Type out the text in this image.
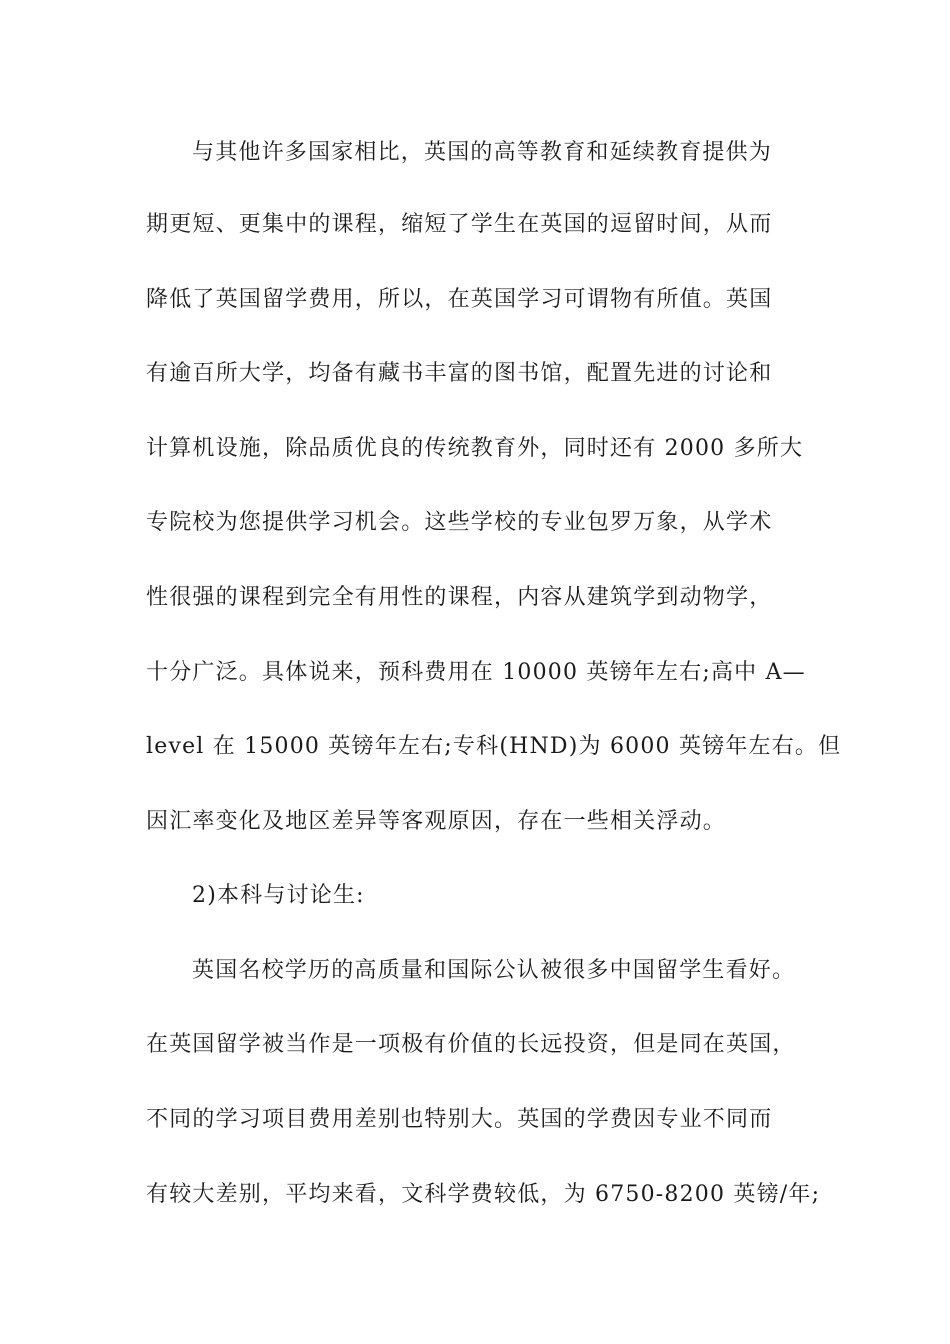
与其他许多国家相比，英国的高等教育和延续教育提供为
期更短、更集中的课程，缩短了学生在英国的逗留时间，从而
降低了英国留学费用，所以，在英国学习可谓物有所值。英国
有逾百所大学，均备有藏书丰富的图书馆，配置先进的讨论和
计算机设施，除品质优良的传统教育外，同时还有 2000 多所大
专院校为您提供学习机会。这些学校的专业包罗万象，从学术
性很强的课程到完全有用性的课程，内容从建筑学到动物学，
十分广泛。具体说来，预科费用在 10000 英镑年左右;高中 A—
level 在 15000 英镑年左右;专科(HND)为 6000 英镑年左右。但
因汇率变化及地区差异等客观原因，存在一些相关浮动。
2)本科与讨论生:
英国名校学历的高质量和国际公认被很多中国留学生看好。
在英国留学被当作是一项极有价值的长远投资，但是同在英国，
不同的学习项目费用差别也特别大。英国的学费因专业不同而
有较大差别，平均来看，文科学费较低，为 6750-8200 英镑/年;
